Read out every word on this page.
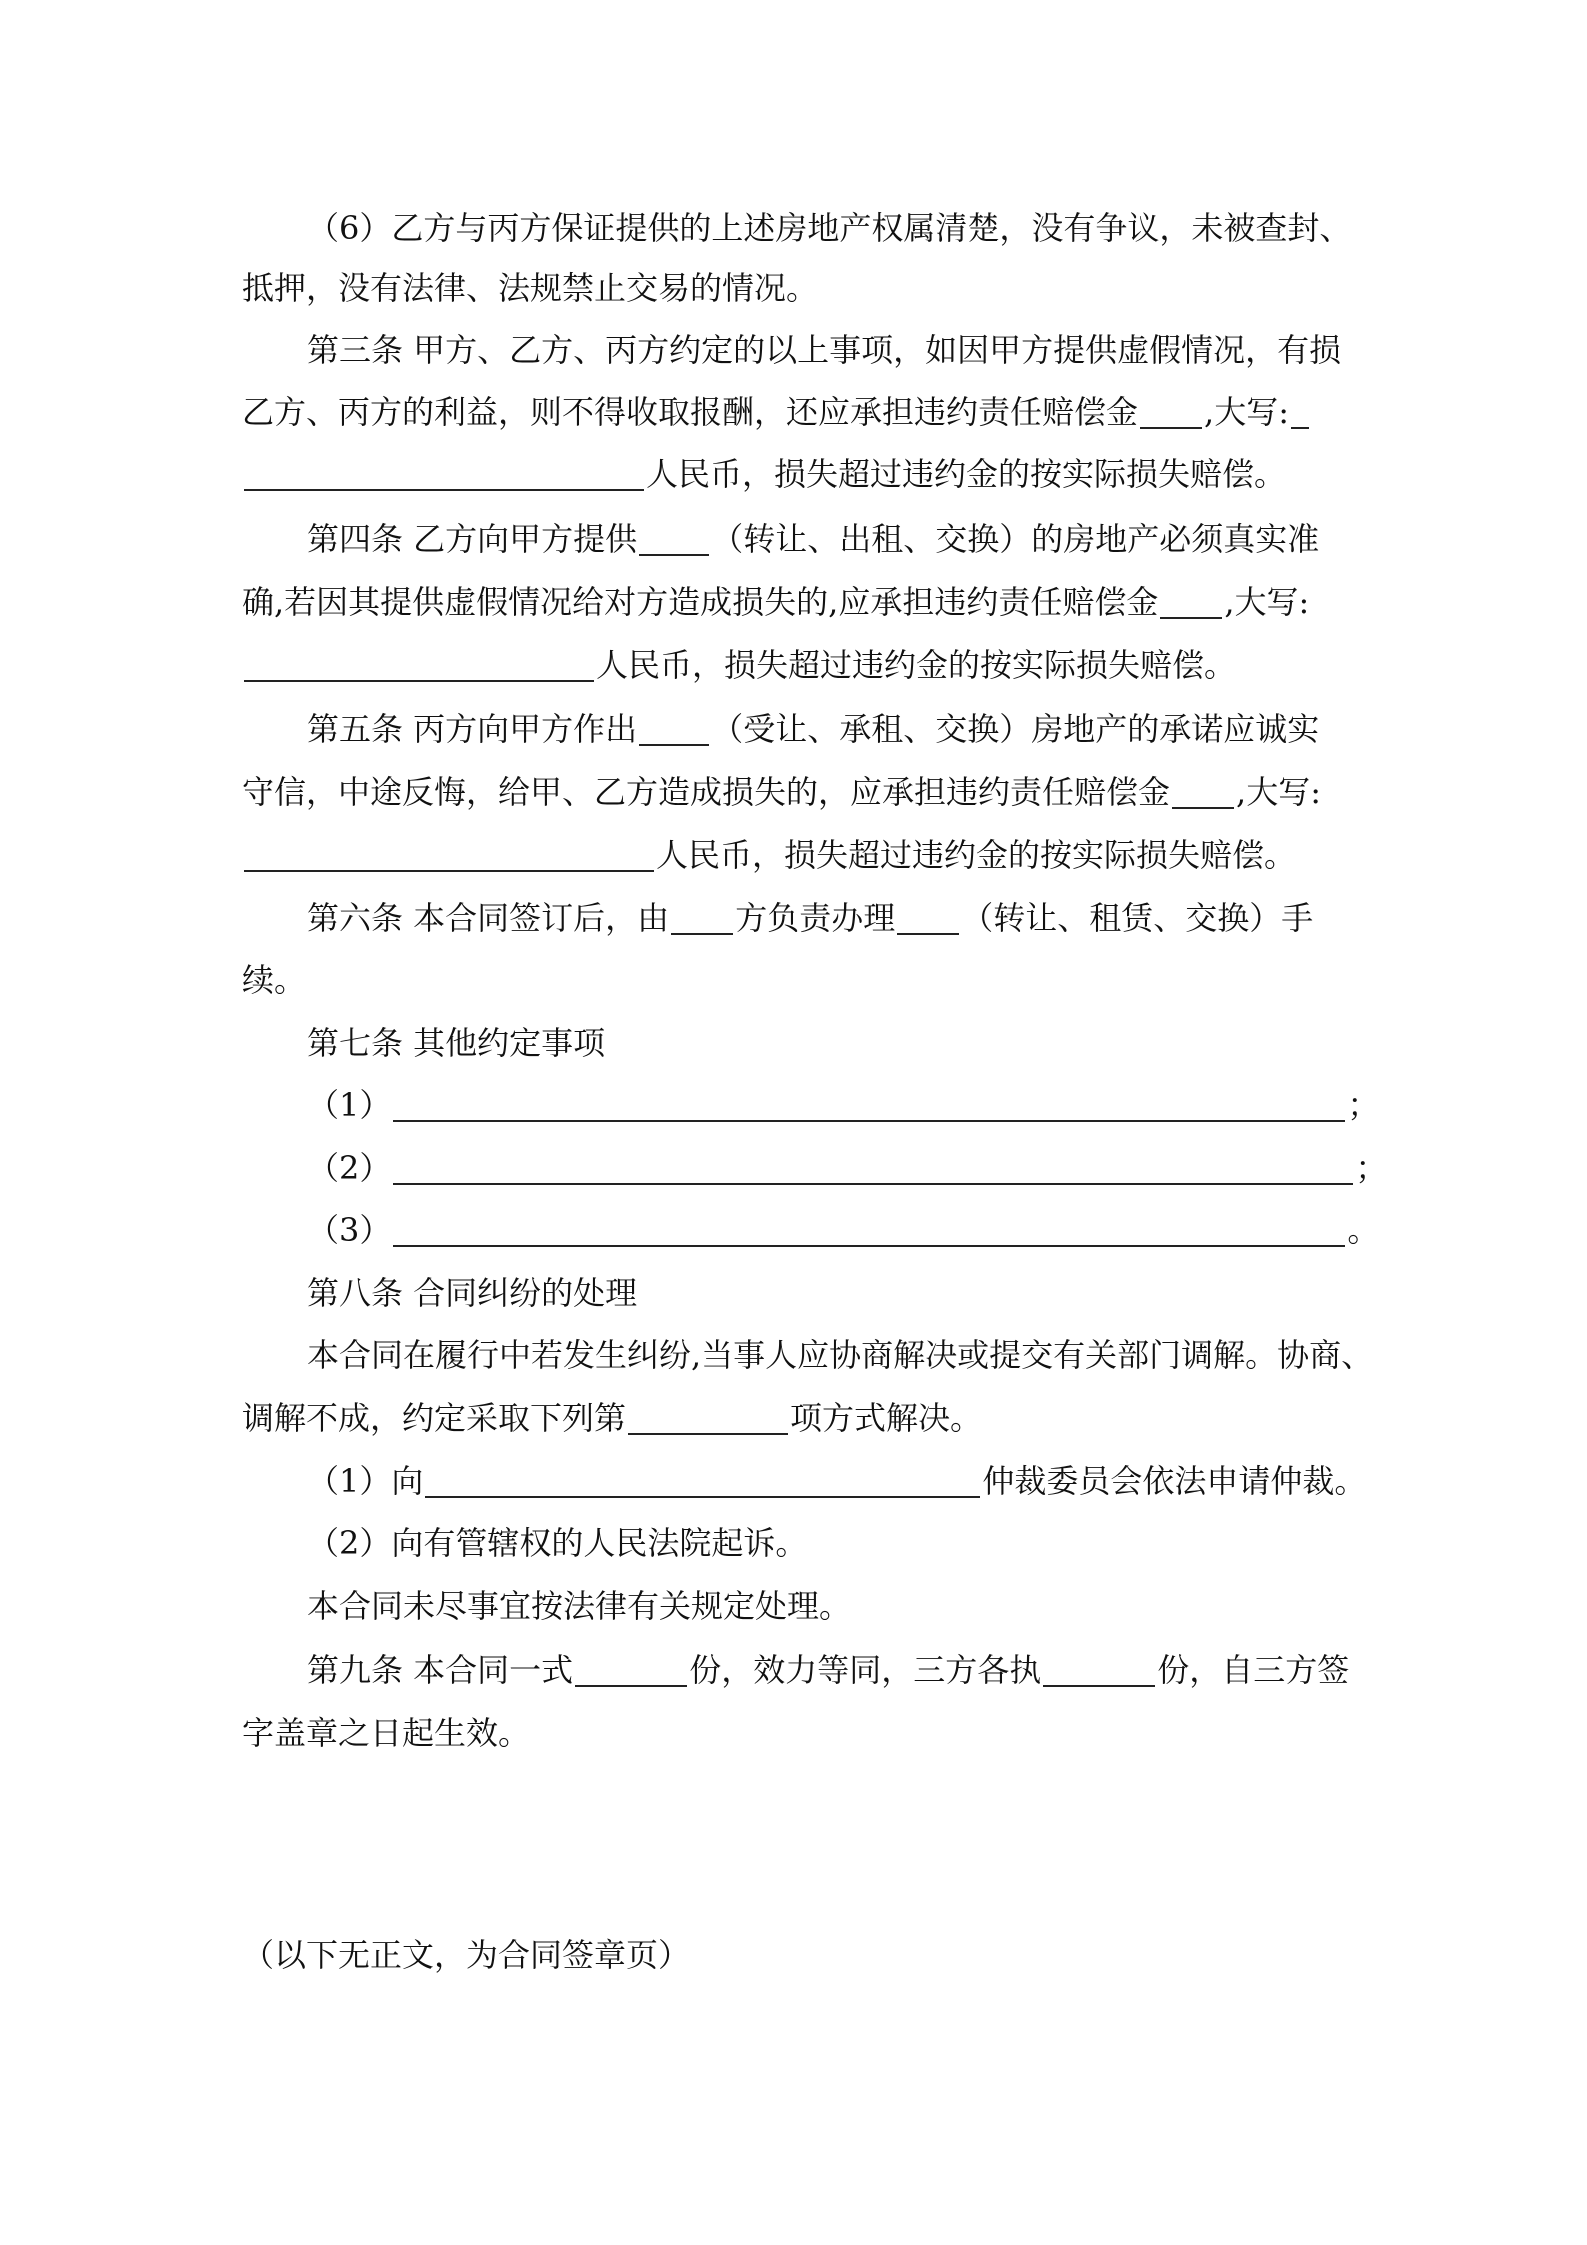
（6）乙方与丙方保证提供的上述房地产权属清楚，没有争议，未被查封、
抵押，没有法律、法规禁止交易的情况。
第三条 甲方、乙方、丙方约定的以上事项，如因甲方提供虚假情况，有损
乙方、丙方的利益，则不得收取报酬，还应承担违约责任赔偿金 ,大写:
人民币，损失超过违约金的按实际损失赔偿。
第四条 乙方向甲方提供 （转让、出租、交换）的房地产必须真实准
确,若因其提供虚假情况给对方造成损失的,应承担违约责任赔偿金 ,大写:
人民币，损失超过违约金的按实际损失赔偿。
第五条 丙方向甲方作出 （受让、承租、交换）房地产的承诺应诚实
守信，中途反悔，给甲、乙方造成损失的，应承担违约责任赔偿金 ,大写:
人民币，损失超过违约金的按实际损失赔偿。
第六条 本合同签订后，由 方负责办理 （转让、租赁、交换）手
续。
第七条 其他约定事项
（1）	；
（2）	；
（3）	。
第八条 合同纠纷的处理
本合同在履行中若发生纠纷,当事人应协商解决或提交有关部门调解。协商、
调解不成，约定采取下列第	项方式解决。
（1）向	仲裁委员会依法申请仲裁。
（2）向有管辖权的人民法院起诉。
本合同未尽事宜按法律有关规定处理。
第九条 本合同一式	份，效力等同，三方各执	份，自三方签
字盖章之日起生效。
（以下无正文，为合同签章页）
